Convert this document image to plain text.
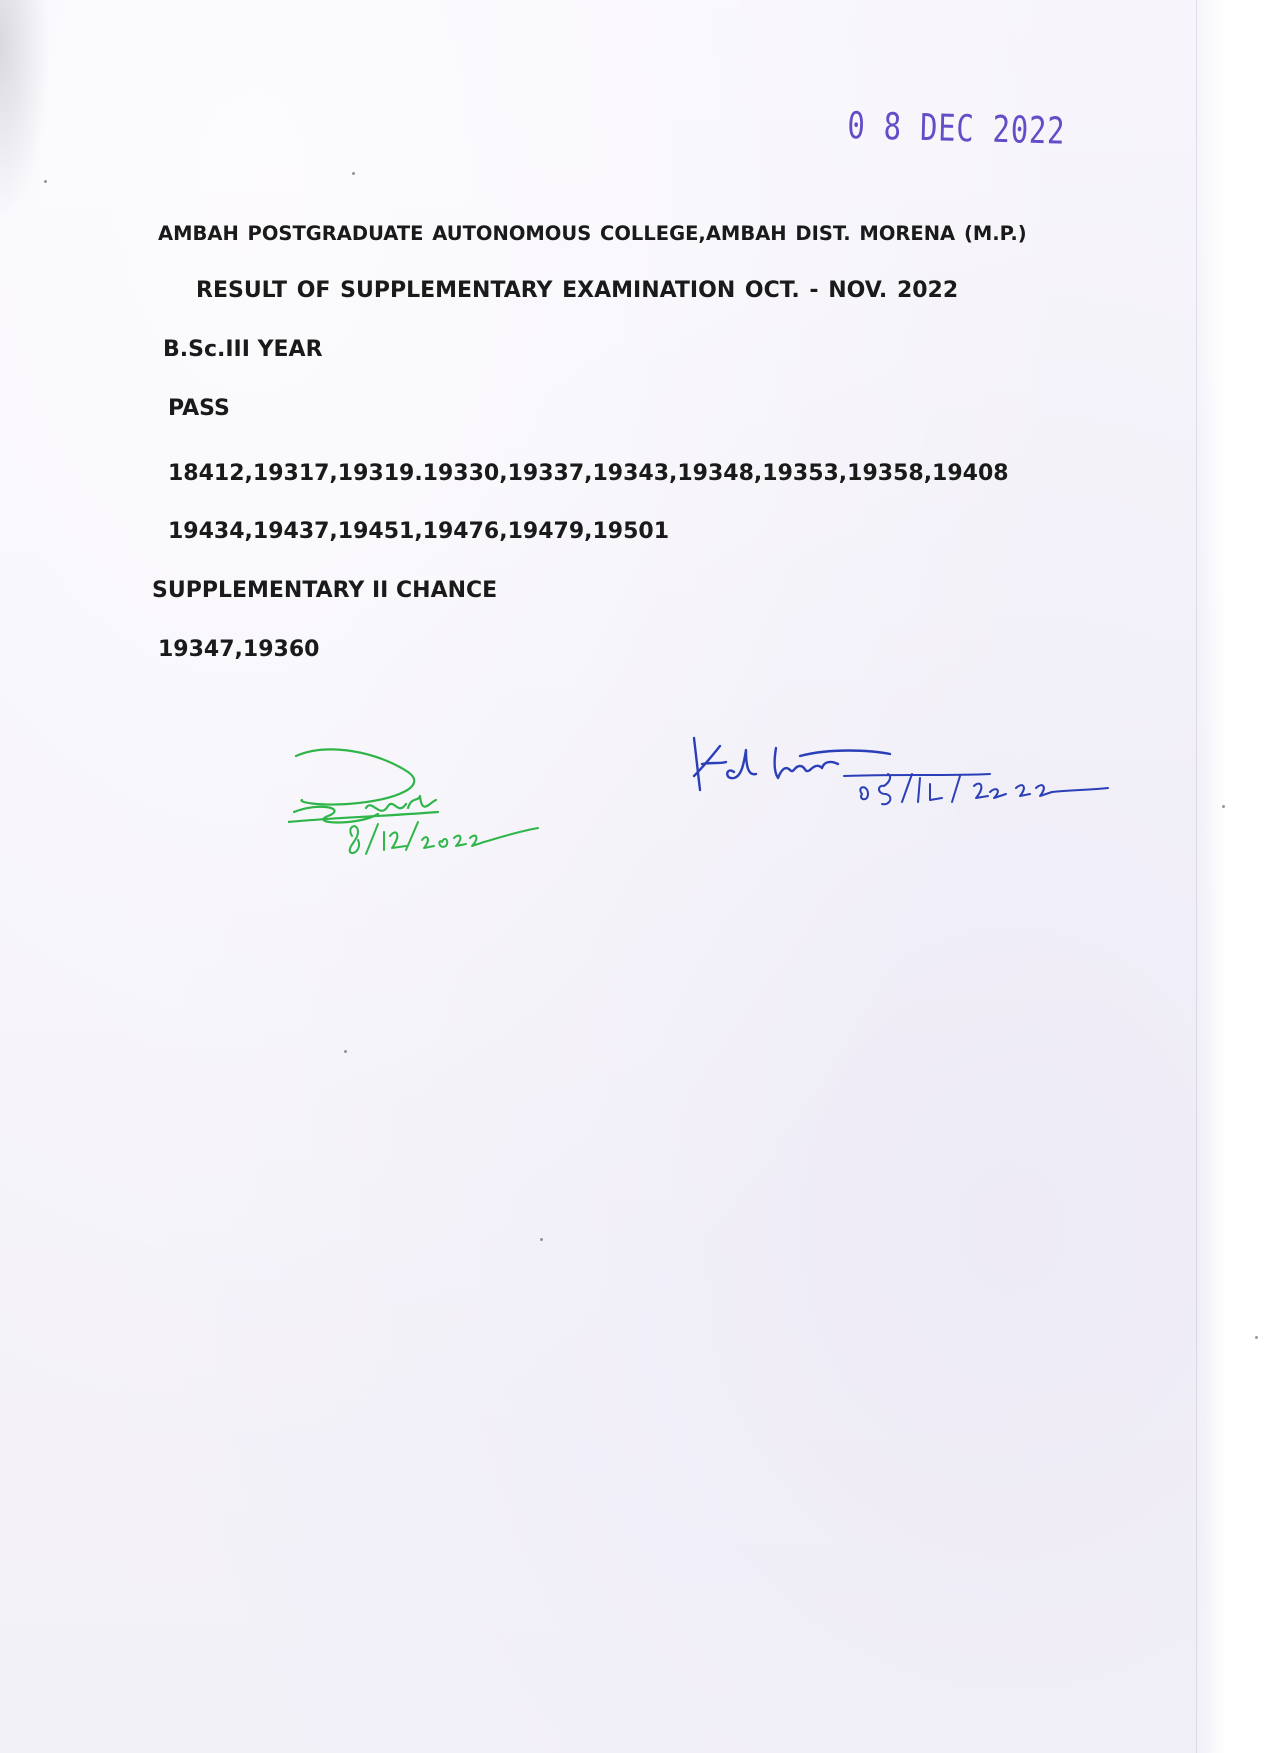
0 8 DEC 2022
AMBAH POSTGRADUATE AUTONOMOUS COLLEGE,AMBAH DIST. MORENA (M.P.)
RESULT OF SUPPLEMENTARY EXAMINATION OCT. - NOV. 2022
B.Sc.III YEAR
PASS
18412,19317,19319.19330,19337,19343,19348,19353,19358,19408
19434,19437,19451,19476,19479,19501
SUPPLEMENTARY II CHANCE
19347,19360
